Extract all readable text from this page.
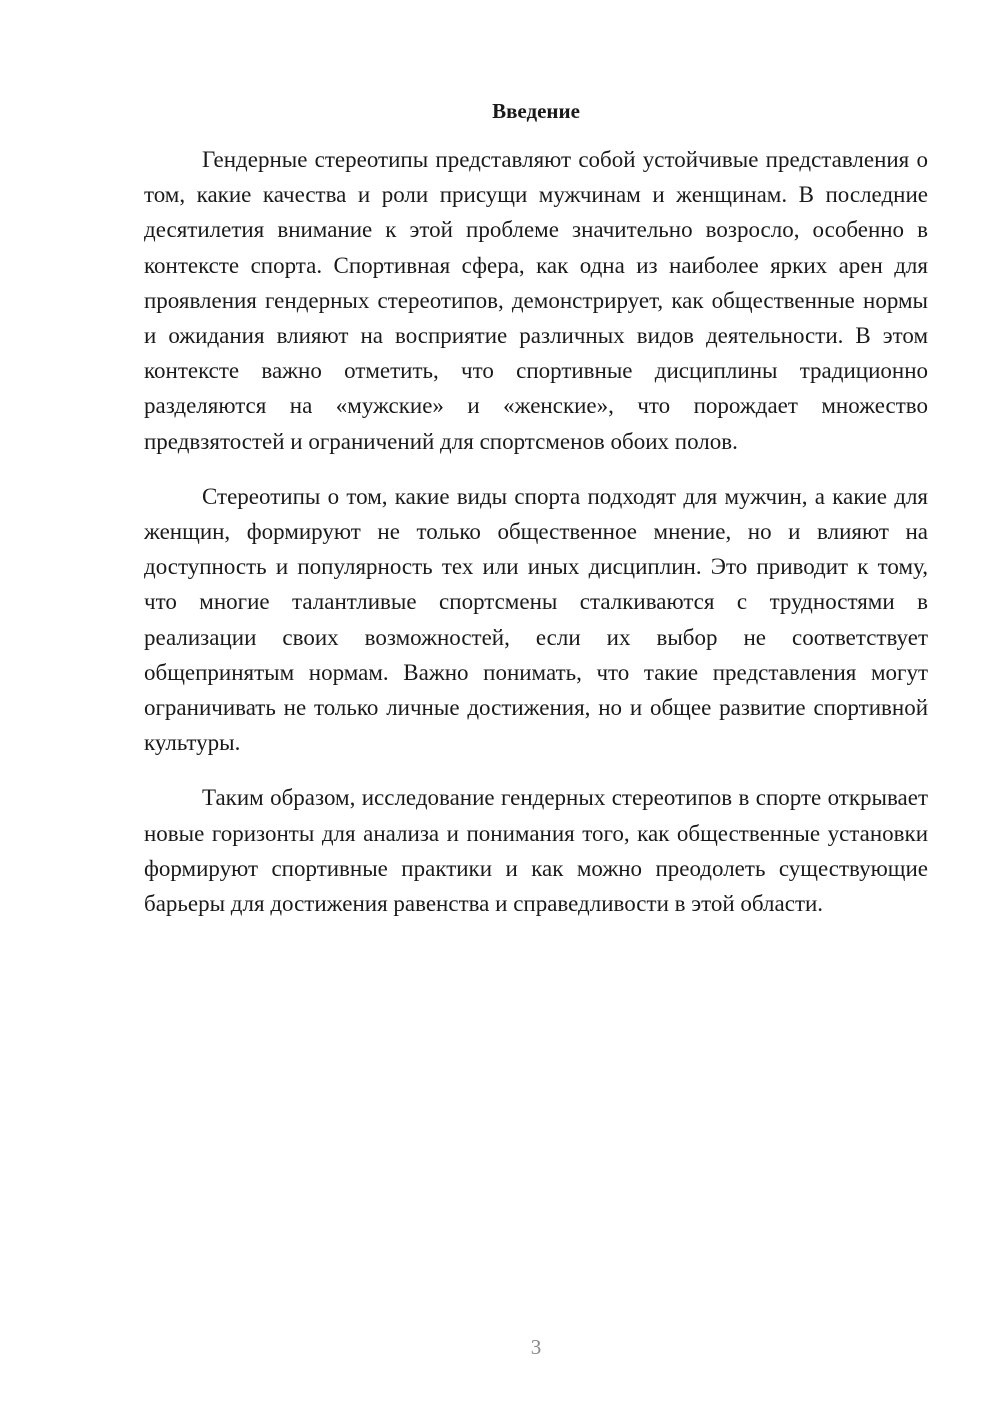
Введение

Гендерные стереотипы представляют собой устойчивые представления о том, какие качества и роли присущи мужчинам и женщинам. В последние десятилетия внимание к этой проблеме значительно возросло, особенно в контексте спорта. Спортивная сфера, как одна из наиболее ярких арен для проявления гендерных стереотипов, демонстрирует, как общественные нормы и ожидания влияют на восприятие различных видов деятельности. В этом контексте важно отметить, что спортивные дисциплины традиционно разделяются на «мужские» и «женские», что порождает множество предвзятостей и ограничений для спортсменов обоих полов.

Стереотипы о том, какие виды спорта подходят для мужчин, а какие для женщин, формируют не только общественное мнение, но и влияют на доступность и популярность тех или иных дисциплин. Это приводит к тому, что многие талантливые спортсмены сталкиваются с трудностями в реализации своих возможностей, если их выбор не соответствует общепринятым нормам. Важно понимать, что такие представления могут ограничивать не только личные достижения, но и общее развитие спортивной культуры.

Таким образом, исследование гендерных стереотипов в спорте открывает новые горизонты для анализа и понимания того, как общественные установки формируют спортивные практики и как можно преодолеть существующие барьеры для достижения равенства и справедливости в этой области.

3
